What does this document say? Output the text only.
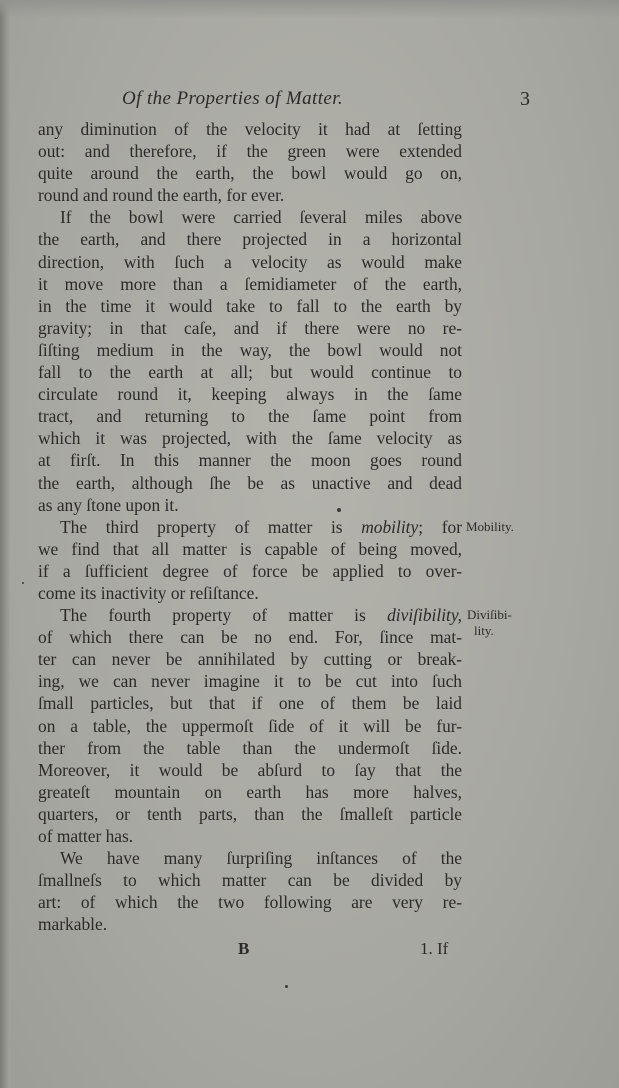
Of the Properties of Matter.	3
any diminution of the velocity it had at ſetting
out: and therefore, if the green were extended
quite around the earth, the bowl would go on,
round and round the earth, for ever.
If the bowl were carried ſeveral miles above
the earth, and there projected in a horizontal
direction, with ſuch a velocity as would make
it move more than a ſemidiameter of the earth,
in the time it would take to fall to the earth by
gravity; in that caſe, and if there were no re-
ſiſting medium in the way, the bowl would not
fall to the earth at all; but would continue to
circulate round it, keeping always in the ſame
tract, and returning to the ſame point from
which it was projected, with the ſame velocity as
at firſt. In this manner the moon goes round
the earth, although ſhe be as unactive and dead
as any ſtone upon it.
The third property of matter is mobility; for
we find that all matter is capable of being moved,
if a ſufficient degree of force be applied to over-
come its inactivity or reſiſtance.
The fourth property of matter is diviſibility,
of which there can be no end. For, ſince mat-
ter can never be annihilated by cutting or break-
ing, we can never imagine it to be cut into ſuch
ſmall particles, but that if one of them be laid
on a table, the uppermoſt ſide of it will be fur-
ther from the table than the undermoſt ſide.
Moreover, it would be abſurd to ſay that the
greateſt mountain on earth has more halves,
quarters, or tenth parts, than the ſmalleſt particle
of matter has.
We have many ſurpriſing inſtances of the
ſmallneſs to which matter can be divided by
art: of which the two following are very re-
markable.
Mobility.
Diviſibi-
lity.
B	1. If
